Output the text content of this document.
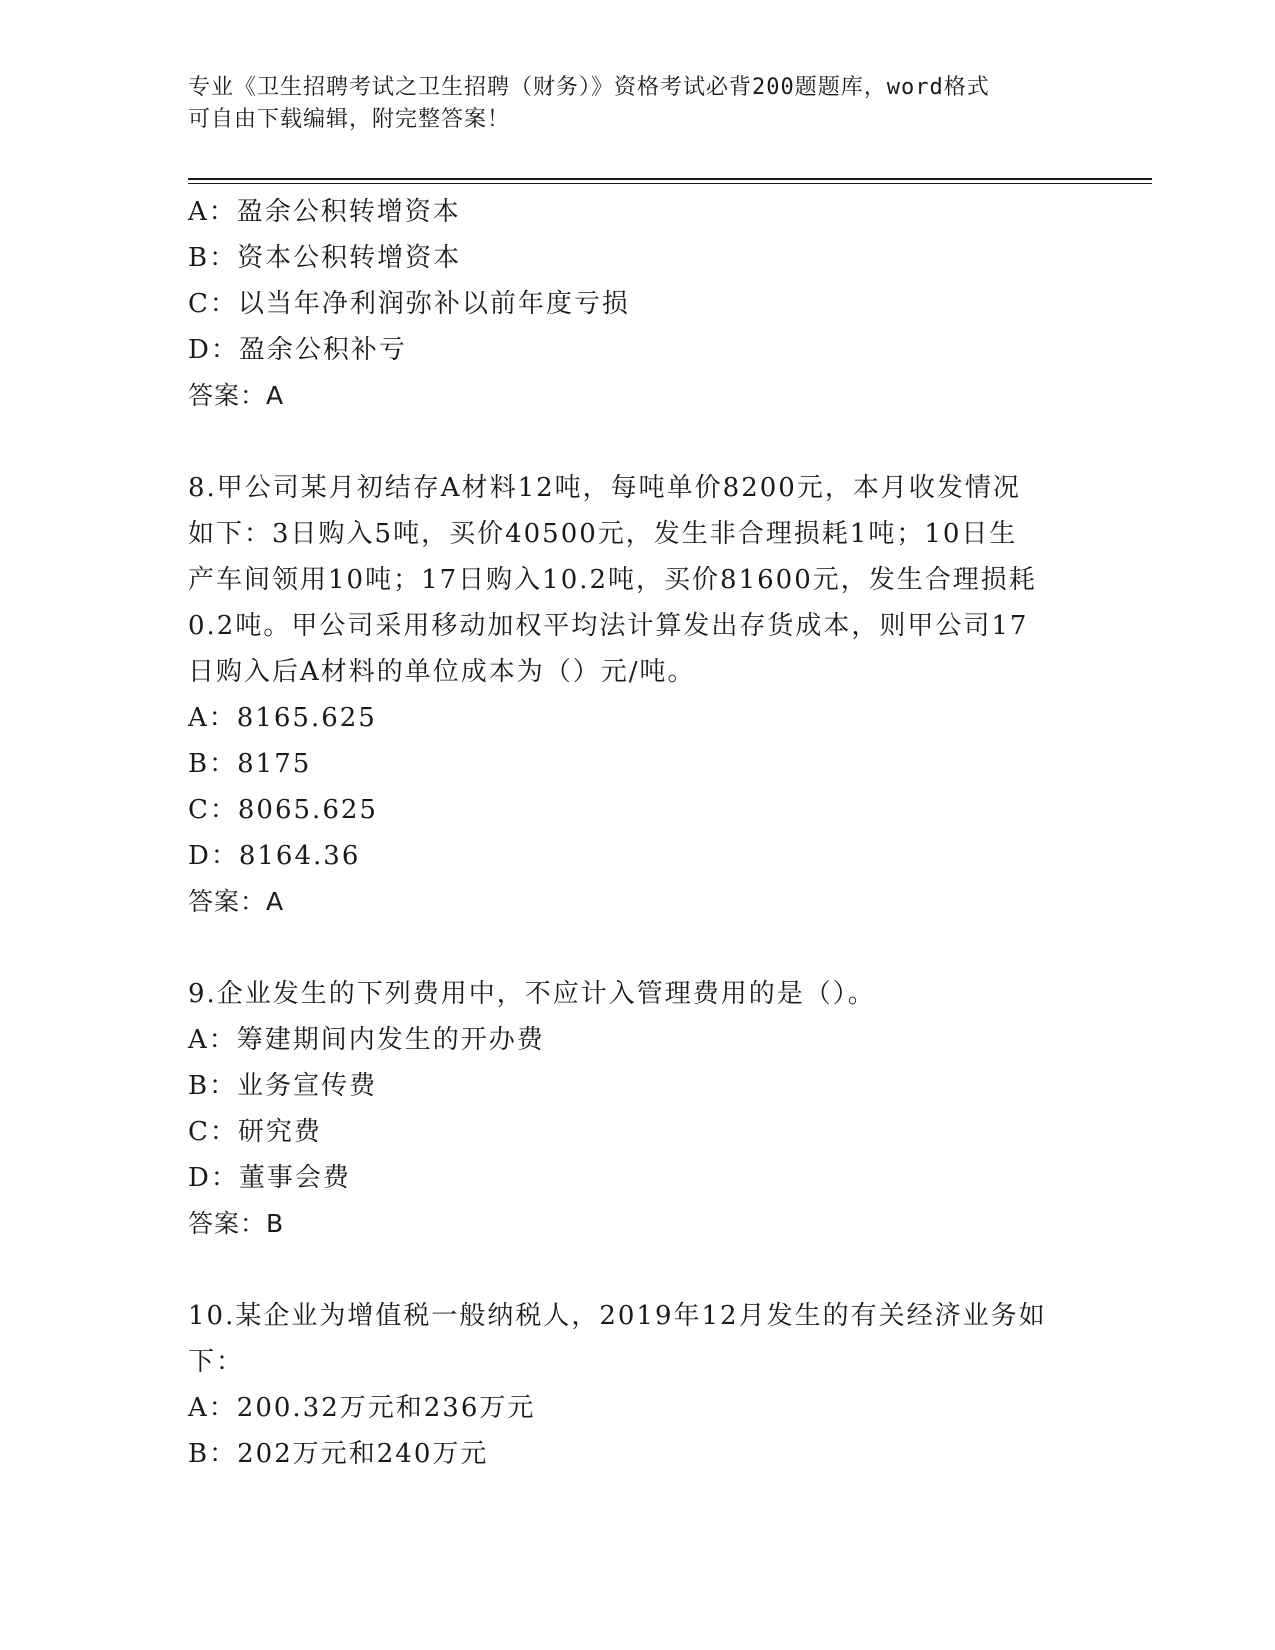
专业《卫生招聘考试之卫生招聘（财务）》资格考试必背200题题库，word格式
可自由下载编辑，附完整答案！
A：盈余公积转增资本
B：资本公积转增资本
C：以当年净利润弥补以前年度亏损
D：盈余公积补亏
答案：A
8.甲公司某月初结存A材料12吨，每吨单价8200元，本月收发情况
如下：3日购入5吨，买价40500元，发生非合理损耗1吨；10日生
产车间领用10吨；17日购入10.2吨，买价81600元，发生合理损耗
0.2吨。甲公司采用移动加权平均法计算发出存货成本，则甲公司17
日购入后A材料的单位成本为（）元/吨。
A：8165.625
B：8175
C：8065.625
D：8164.36
答案：A
9.企业发生的下列费用中，不应计入管理费用的是（）。
A：筹建期间内发生的开办费
B：业务宣传费
C：研究费
D：董事会费
答案：B
10.某企业为增值税一般纳税人，2019年12月发生的有关经济业务如
下：
A：200.32万元和236万元
B：202万元和240万元
